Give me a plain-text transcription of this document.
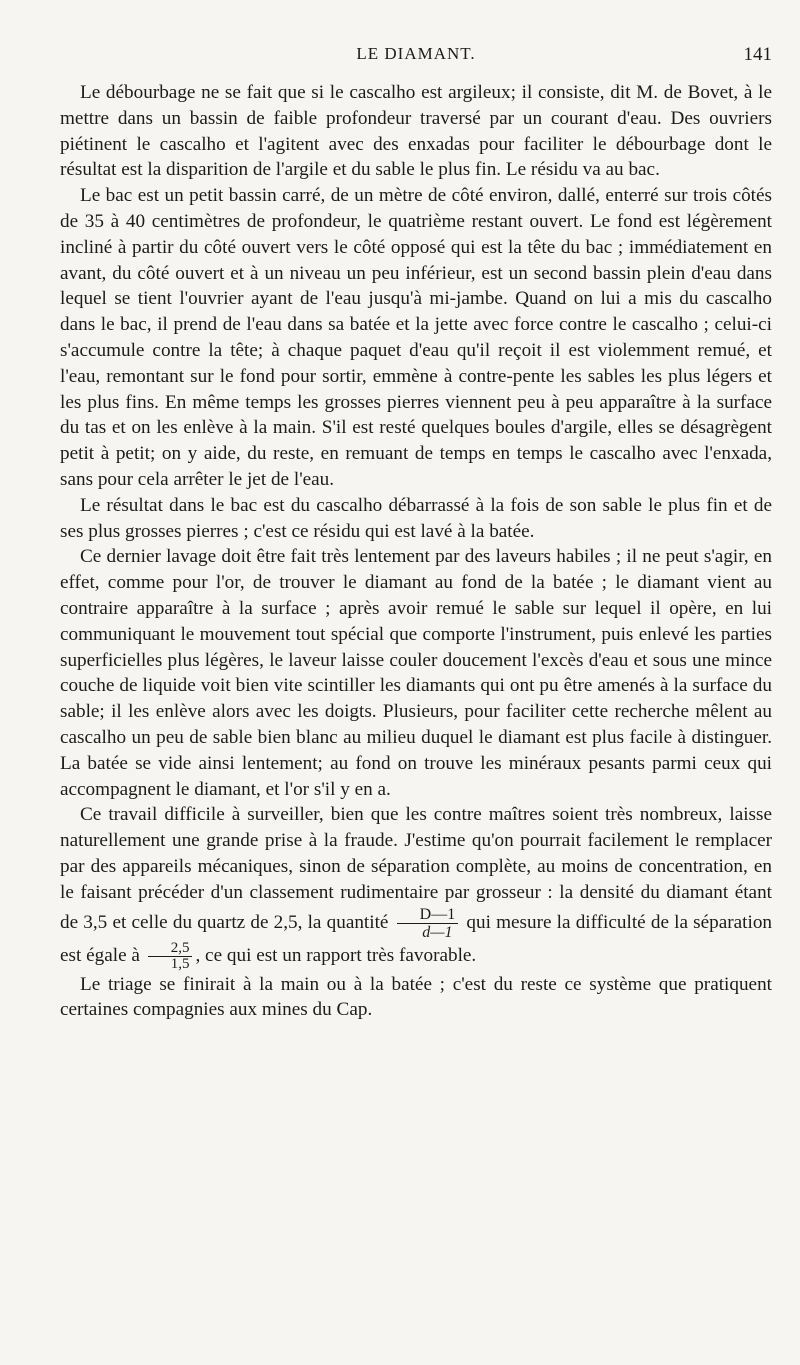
LE DIAMANT.	141

Le débourbage ne se fait que si le cascalho est argileux; il consiste, dit M. de Bovet, à le mettre dans un bassin de faible profondeur traversé par un courant d'eau. Des ouvriers piétinent le cascalho et l'agitent avec des enxadas pour faciliter le débourbage dont le résultat est la disparition de l'argile et du sable le plus fin. Le résidu va au bac.

Le bac est un petit bassin carré, de un mètre de côté environ, dallé, enterré sur trois côtés de 35 à 40 centimètres de profondeur, le quatrième restant ouvert. Le fond est légèrement incliné à partir du côté ouvert vers le côté opposé qui est la tête du bac ; immédiatement en avant, du côté ouvert et à un niveau un peu inférieur, est un second bassin plein d'eau dans lequel se tient l'ouvrier ayant de l'eau jusqu'à mi-jambe. Quand on lui a mis du cascalho dans le bac, il prend de l'eau dans sa batée et la jette avec force contre le cascalho ; celui-ci s'accumule contre la tête; à chaque paquet d'eau qu'il reçoit il est violemment remué, et l'eau, remontant sur le fond pour sortir, emmène à contre-pente les sables les plus légers et les plus fins. En même temps les grosses pierres viennent peu à peu apparaître à la surface du tas et on les enlève à la main. S'il est resté quelques boules d'argile, elles se désagrègent petit à petit; on y aide, du reste, en remuant de temps en temps le cascalho avec l'enxada, sans pour cela arrêter le jet de l'eau.

Le résultat dans le bac est du cascalho débarrassé à la fois de son sable le plus fin et de ses plus grosses pierres ; c'est ce résidu qui est lavé à la batée.

Ce dernier lavage doit être fait très lentement par des laveurs habiles ; il ne peut s'agir, en effet, comme pour l'or, de trouver le diamant au fond de la batée ; le diamant vient au contraire apparaître à la surface ; après avoir remué le sable sur lequel il opère, en lui communiquant le mouvement tout spécial que comporte l'instrument, puis enlevé les parties superficielles plus légères, le laveur laisse couler doucement l'excès d'eau et sous une mince couche de liquide voit bien vite scintiller les diamants qui ont pu être amenés à la surface du sable; il les enlève alors avec les doigts. Plusieurs, pour faciliter cette recherche mêlent au cascalho un peu de sable bien blanc au milieu duquel le diamant est plus facile à distinguer. La batée se vide ainsi lentement; au fond on trouve les minéraux pesants parmi ceux qui accompagnent le diamant, et l'or s'il y en a.

Ce travail difficile à surveiller, bien que les contre maîtres soient très nombreux, laisse naturellement une grande prise à la fraude. J'estime qu'on pourrait facilement le remplacer par des appareils mécaniques, sinon de séparation complète, au moins de concentration, en le faisant précéder d'un classement rudimentaire par grosseur : la densité du diamant étant de 3,5 et celle du quartz de 2,5, la quantité $\frac{D—1}{d—1}$ qui mesure la difficulté de la séparation est égale à $\frac{2,5}{1,5}$ , ce qui est un rapport très favorable.

Le triage se finirait à la main ou à la batée ; c'est du reste ce système que pratiquent certaines compagnies aux mines du Cap.
